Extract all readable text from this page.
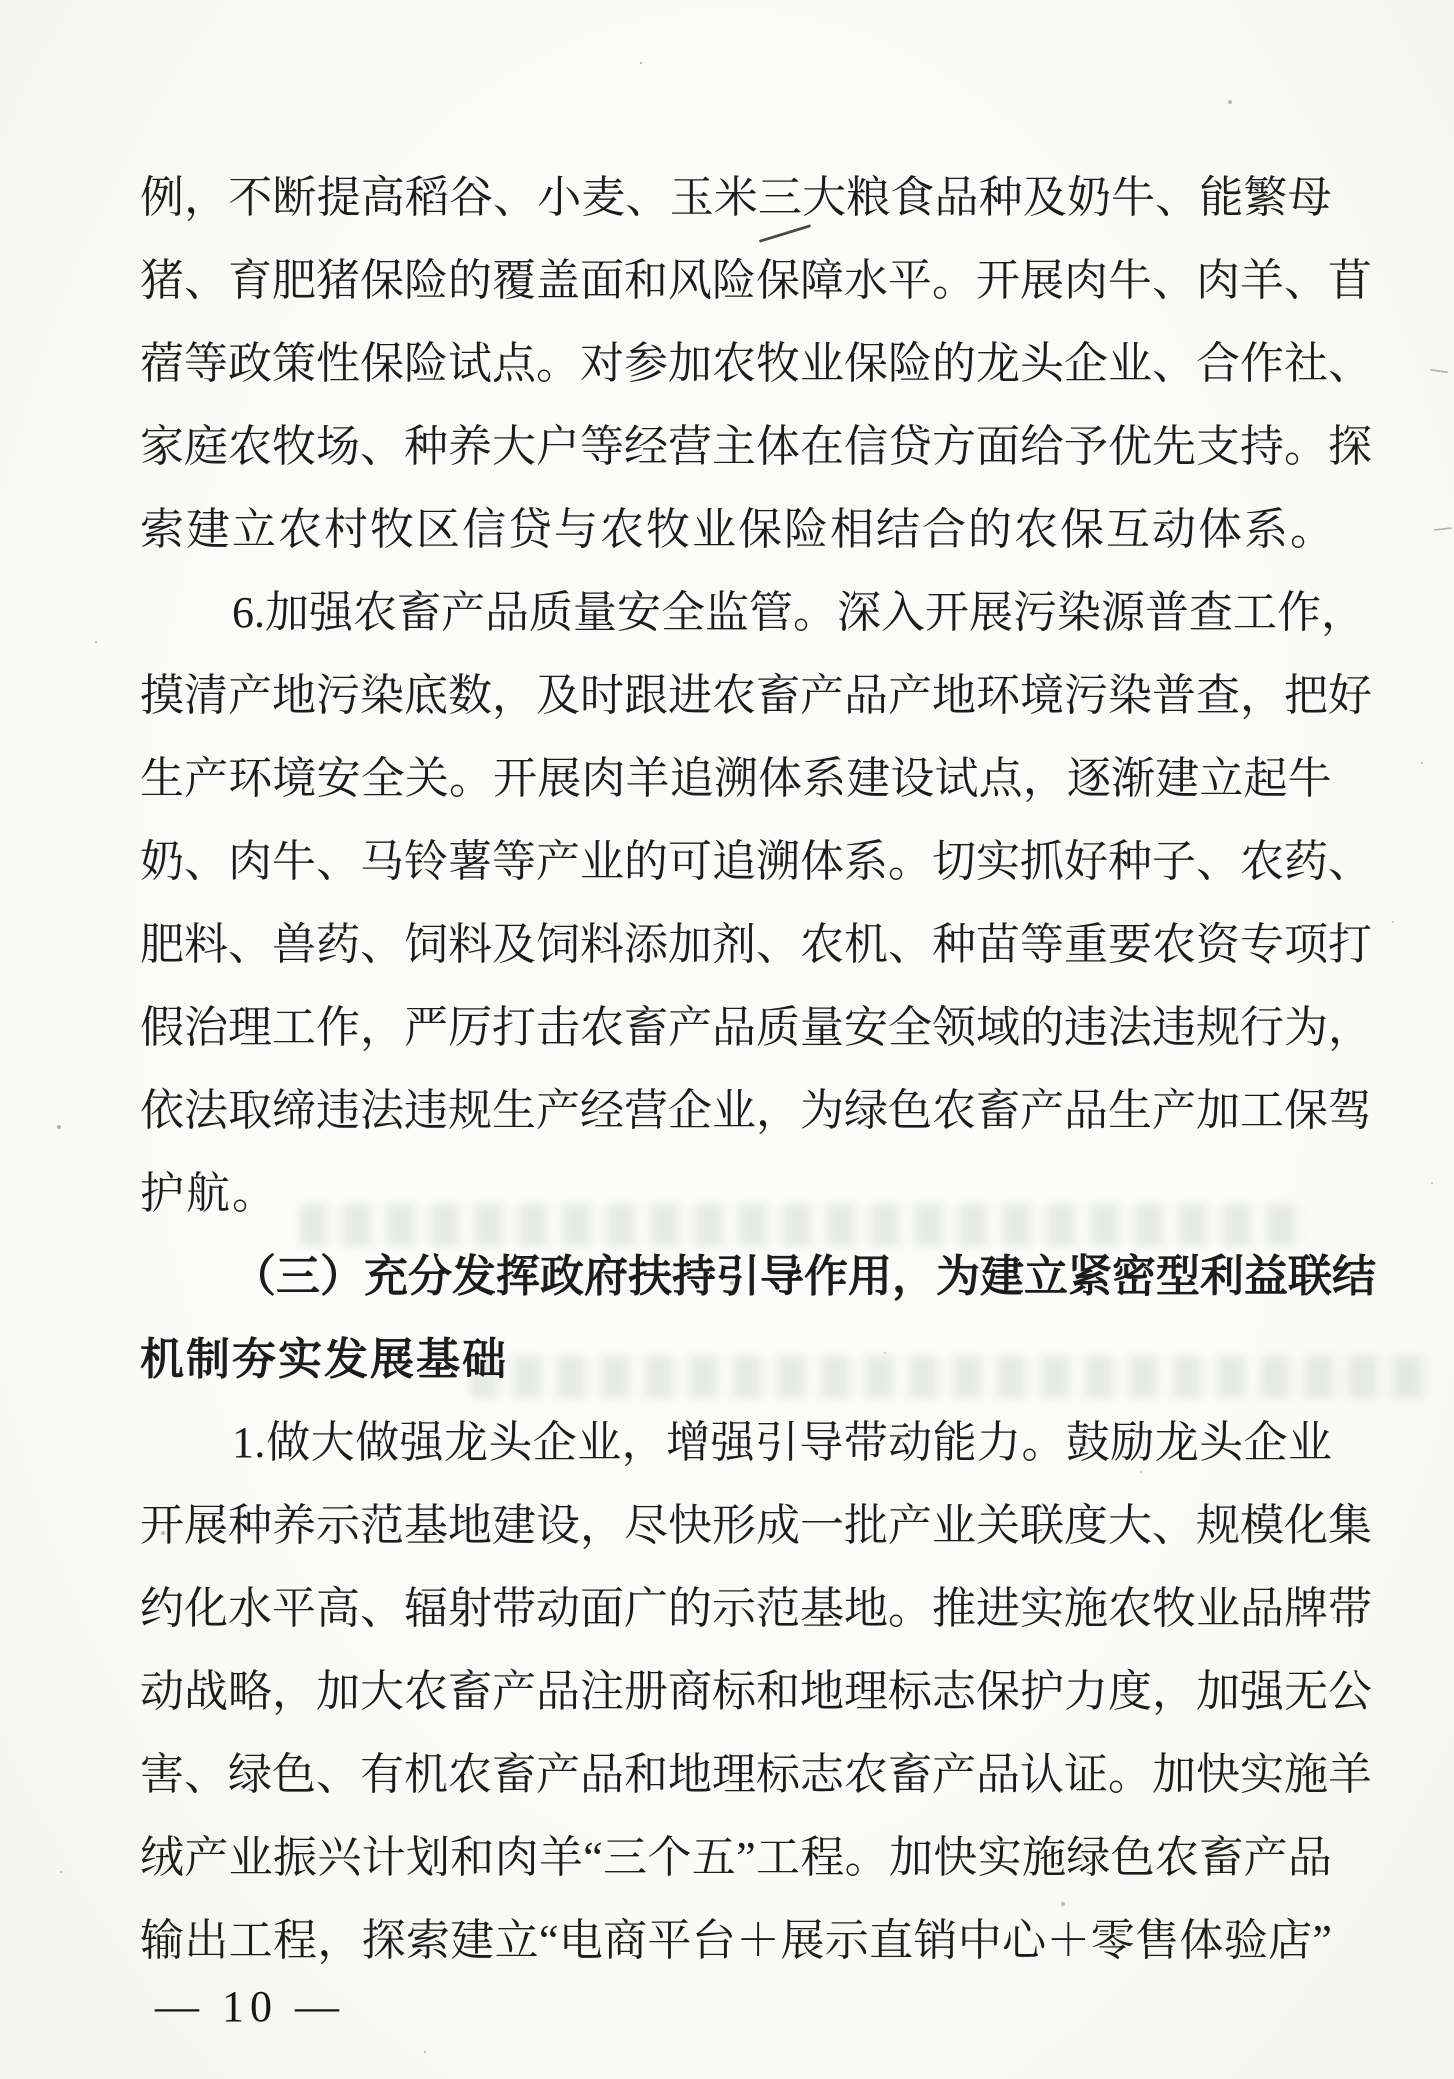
例 ， 不 断 提 高 稻 谷 、 小 麦 、 玉 米 三 大 粮 食 品 种 及 奶 牛 、 能 繁 母
猪 、 育 肥 猪 保 险 的 覆 盖 面 和 风 险 保 障 水 平 。 开 展 肉 牛 、 肉 羊 、 苜
蓿 等 政 策 性 保 险 试 点 。 对 参 加 农 牧 业 保 险 的 龙 头 企 业 、 合 作 社 、
家 庭 农 牧 场 、 种 养 大 户 等 经 营 主 体 在 信 贷 方 面 给 予 优 先 支 持 。 探
索建立农村牧区信贷与农牧业保险相结合的农保互动体系。
6 . 加 强 农 畜 产 品 质 量 安 全 监 管 。 深 入 开 展 污 染 源 普 查 工 作 ，
摸 清 产 地 污 染 底 数 ， 及 时 跟 进 农 畜 产 品 产 地 环 境 污 染 普 查 ， 把 好
生 产 环 境 安 全 关 。 开 展 肉 羊 追 溯 体 系 建 设 试 点 ， 逐 渐 建 立 起 牛
奶 、 肉 牛 、 马 铃 薯 等 产 业 的 可 追 溯 体 系 。 切 实 抓 好 种 子 、 农 药 、
肥 料 、 兽 药 、 饲 料 及 饲 料 添 加 剂 、 农 机 、 种 苗 等 重 要 农 资 专 项 打
假 治 理 工 作 ， 严 厉 打 击 农 畜 产 品 质 量 安 全 领 域 的 违 法 违 规 行 为 ，
依 法 取 缔 违 法 违 规 生 产 经 营 企 业 ， 为 绿 色 农 畜 产 品 生 产 加 工 保 驾
护航。
（ 三 ） 充 分 发 挥 政 府 扶 持 引 导 作 用 ， 为 建 立 紧 密 型 利 益 联 结
机制夯实发展基础
1 . 做 大 做 强 龙 头 企 业 ， 增 强 引 导 带 动 能 力 。 鼓 励 龙 头 企 业
开 展 种 养 示 范 基 地 建 设 ， 尽 快 形 成 一 批 产 业 关 联 度 大 、 规 模 化 集
约 化 水 平 高 、 辐 射 带 动 面 广 的 示 范 基 地 。 推 进 实 施 农 牧 业 品 牌 带
动 战 略 ， 加 大 农 畜 产 品 注 册 商 标 和 地 理 标 志 保 护 力 度 ， 加 强 无 公
害 、 绿 色 、 有 机 农 畜 产 品 和 地 理 标 志 农 畜 产 品 认 证 。 加 快 实 施 羊
绒 产 业 振 兴 计 划 和 肉 羊 “ 三 个 五 ” 工 程 。 加 快 实 施 绿 色 农 畜 产 品
输 出 工 程 ， 探 索 建 立 “ 电 商 平 台 ＋ 展 示 直 销 中 心 ＋ 零 售 体 验 店 ”
— 10 —
